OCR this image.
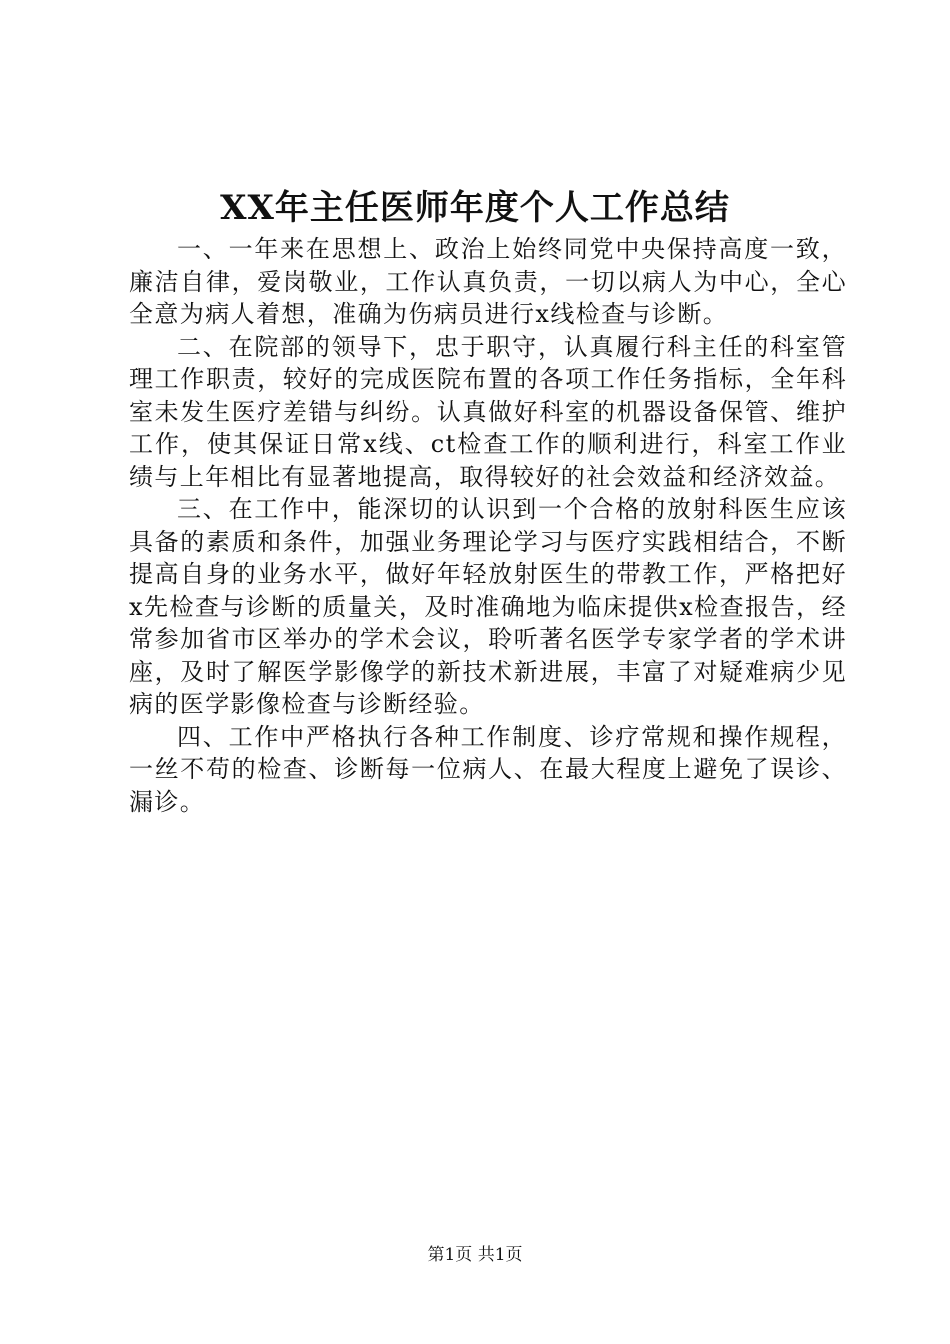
XX年主任医师年度个人工作总结

一、一年来在思想上、政治上始终同党中央保持高度一致，廉洁自律，爱岗敬业，工作认真负责，一切以病人为中心，全心全意为病人着想，准确为伤病员进行x线检查与诊断。

二、在院部的领导下，忠于职守，认真履行科主任的科室管理工作职责，较好的完成医院布置的各项工作任务指标，全年科室未发生医疗差错与纠纷。认真做好科室的机器设备保管、维护工作，使其保证日常x线、ct检查工作的顺利进行，科室工作业绩与上年相比有显著地提高，取得较好的社会效益和经济效益。

三、在工作中，能深切的认识到一个合格的放射科医生应该具备的素质和条件，加强业务理论学习与医疗实践相结合，不断提高自身的业务水平，做好年轻放射医生的带教工作，严格把好x先检查与诊断的质量关，及时准确地为临床提供x检查报告，经常参加省市区举办的学术会议，聆听著名医学专家学者的学术讲座，及时了解医学影像学的新技术新进展，丰富了对疑难病少见病的医学影像检查与诊断经验。

四、工作中严格执行各种工作制度、诊疗常规和操作规程，一丝不苟的检查、诊断每一位病人、在最大程度上避免了误诊、漏诊。

第1页 共1页
